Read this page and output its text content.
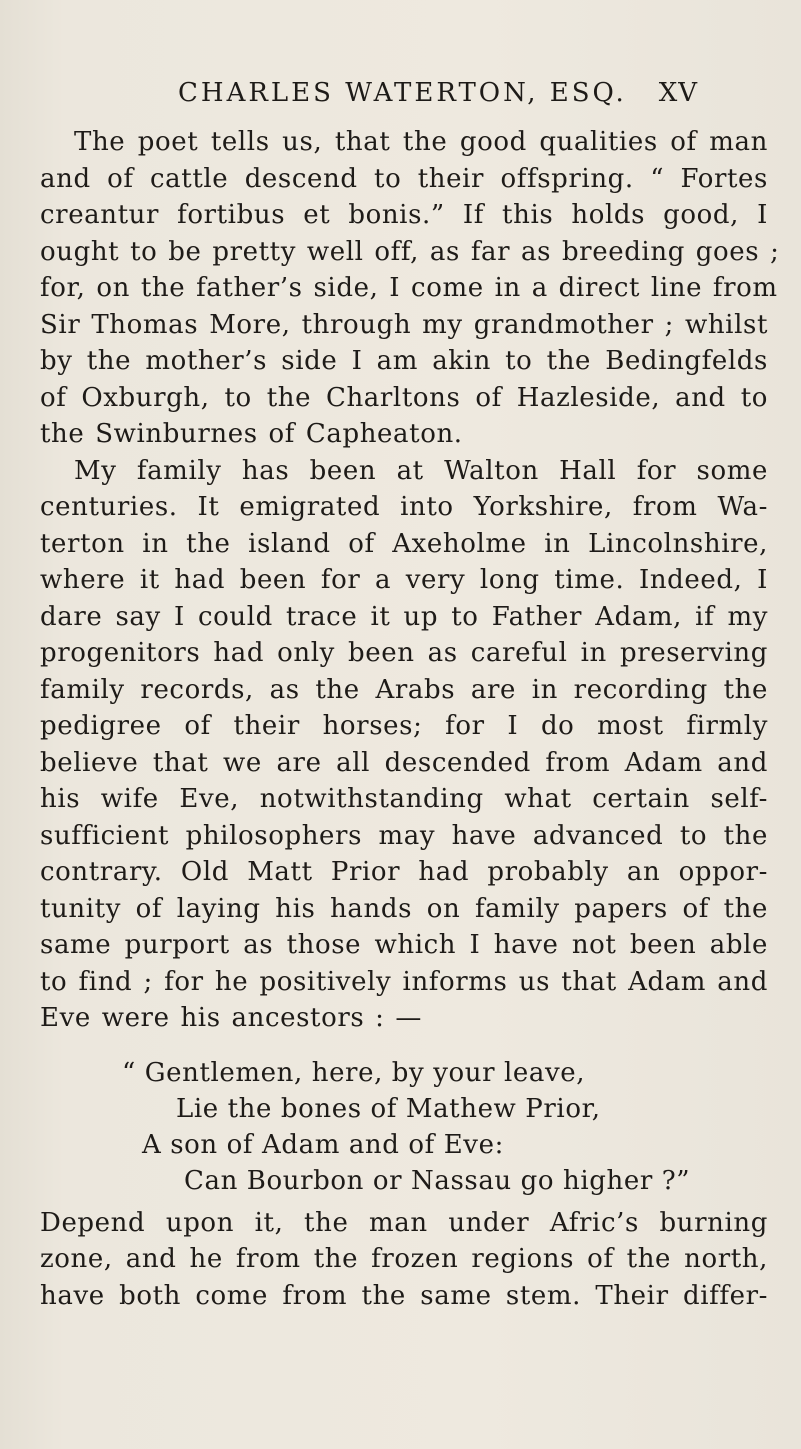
CHARLES WATERTON, ESQ. XV
The poet tells us, that the good qualities of man
and of cattle descend to their offspring. “ Fortes
creantur fortibus et bonis.” If this holds good, I
ought to be pretty well off, as far as breeding goes ;
for, on the father’s side, I come in a direct line from
Sir Thomas More, through my grandmother ; whilst
by the mother’s side I am akin to the Bedingfelds
of Oxburgh, to the Charltons of Hazleside, and to
the Swinburnes of Capheaton.
My family has been at Walton Hall for some
centuries. It emigrated into Yorkshire, from Wa-
terton in the island of Axeholme in Lincolnshire,
where it had been for a very long time. Indeed, I
dare say I could trace it up to Father Adam, if my
progenitors had only been as careful in preserving
family records, as the Arabs are in recording the
pedigree of their horses; for I do most firmly
believe that we are all descended from Adam and
his wife Eve, notwithstanding what certain self-
sufficient philosophers may have advanced to the
contrary. Old Matt Prior had probably an oppor-
tunity of laying his hands on family papers of the
same purport as those which I have not been able
to find ; for he positively informs us that Adam and
Eve were his ancestors : —
“ Gentlemen, here, by your leave,
Lie the bones of Mathew Prior,
A son of Adam and of Eve:
Can Bourbon or Nassau go higher ?”
Depend upon it, the man under Afric’s burning
zone, and he from the frozen regions of the north,
have both come from the same stem. Their differ-
